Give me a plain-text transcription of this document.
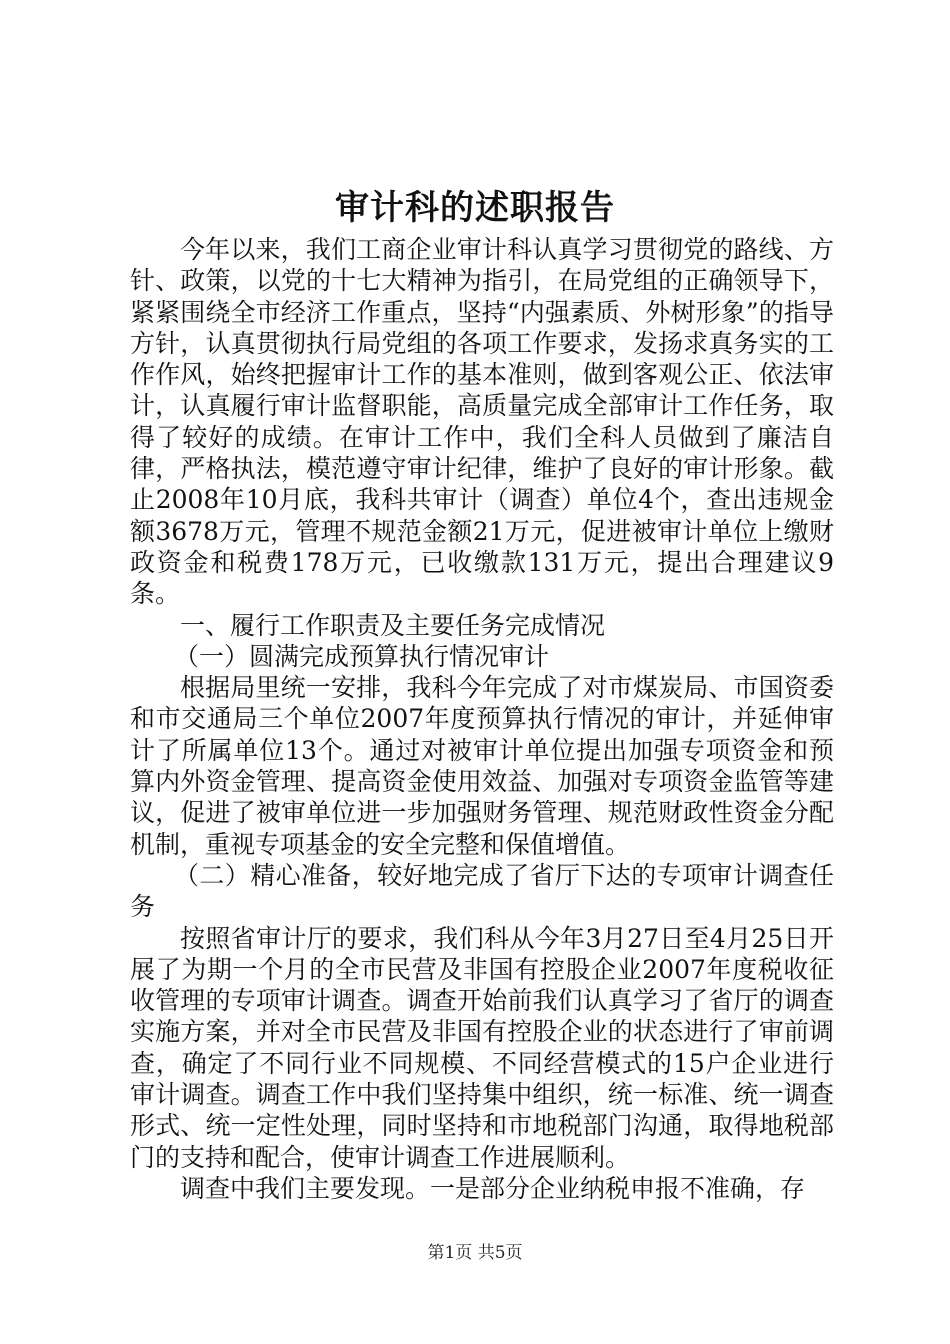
审计科的述职报告

今年以来，我们工商企业审计科认真学习贯彻党的路线、方针、政策，以党的十七大精神为指引，在局党组的正确领导下，紧紧围绕全市经济工作重点，坚持“内强素质、外树形象”的指导方针，认真贯彻执行局党组的各项工作要求，发扬求真务实的工作作风，始终把握审计工作的基本准则，做到客观公正、依法审计，认真履行审计监督职能，高质量完成全部审计工作任务，取得了较好的成绩。在审计工作中，我们全科人员做到了廉洁自律，严格执法，模范遵守审计纪律，维护了良好的审计形象。截止2008年10月底，我科共审计（调查）单位4个，查出违规金额3678万元，管理不规范金额21万元，促进被审计单位上缴财政资金和税费178万元，已收缴款131万元，提出合理建议9条。

一、履行工作职责及主要任务完成情况

（一）圆满完成预算执行情况审计

根据局里统一安排，我科今年完成了对市煤炭局、市国资委和市交通局三个单位2007年度预算执行情况的审计，并延伸审计了所属单位13个。通过对被审计单位提出加强专项资金和预算内外资金管理、提高资金使用效益、加强对专项资金监管等建议，促进了被审单位进一步加强财务管理、规范财政性资金分配机制，重视专项基金的安全完整和保值增值。

（二）精心准备，较好地完成了省厅下达的专项审计调查任务

按照省审计厅的要求，我们科从今年3月27日至4月25日开展了为期一个月的全市民营及非国有控股企业2007年度税收征收管理的专项审计调查。调查开始前我们认真学习了省厅的调查实施方案，并对全市民营及非国有控股企业的状态进行了审前调查，确定了不同行业不同规模、不同经营模式的15户企业进行审计调查。调查工作中我们坚持集中组织，统一标准、统一调查形式、统一定性处理，同时坚持和市地税部门沟通，取得地税部门的支持和配合，使审计调查工作进展顺利。

调查中我们主要发现。一是部分企业纳税申报不准确，存

第1页 共5页
